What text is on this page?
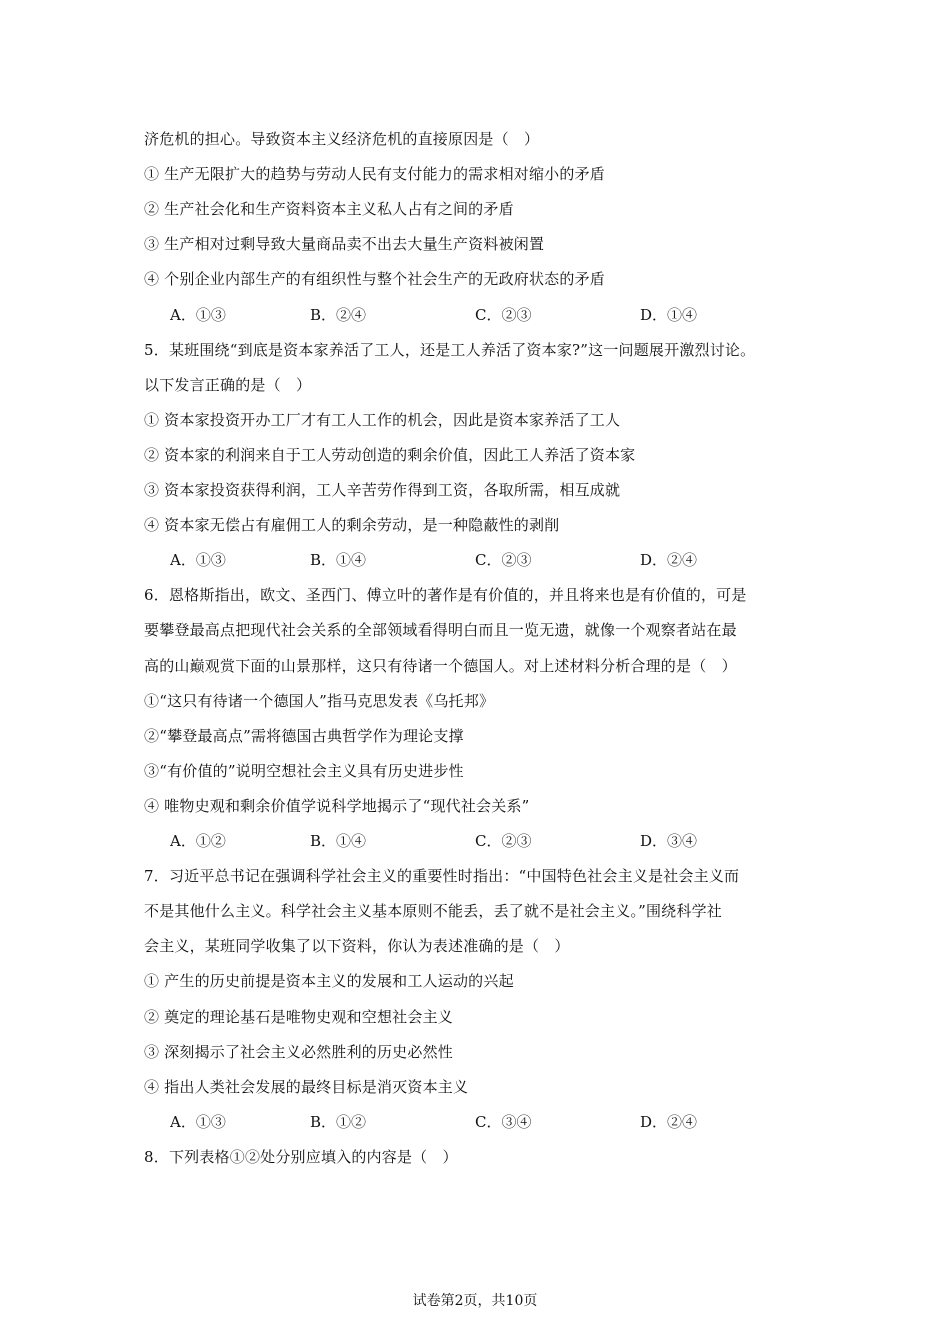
济危机的担心。导致资本主义经济危机的直接原因是（　）
① 生产无限扩大的趋势与劳动人民有支付能力的需求相对缩小的矛盾
② 生产社会化和生产资料资本主义私人占有之间的矛盾
③ 生产相对过剩导致大量商品卖不出去大量生产资料被闲置
④ 个别企业内部生产的有组织性与整个社会生产的无政府状态的矛盾
A．①③	B．②④	C．②③	D．①④
5．某班围绕“到底是资本家养活了工人，还是工人养活了资本家?”这一问题展开激烈讨论。
以下发言正确的是（　）
① 资本家投资开办工厂才有工人工作的机会，因此是资本家养活了工人
② 资本家的利润来自于工人劳动创造的剩余价值，因此工人养活了资本家
③ 资本家投资获得利润，工人辛苦劳作得到工资，各取所需，相互成就
④ 资本家无偿占有雇佣工人的剩余劳动，是一种隐蔽性的剥削
A．①③	B．①④	C．②③	D．②④
6．恩格斯指出，欧文、圣西门、傅立叶的著作是有价值的，并且将来也是有价值的，可是
要攀登最高点把现代社会关系的全部领域看得明白而且一览无遗，就像一个观察者站在最
高的山巅观赏下面的山景那样，这只有待诸一个德国人。对上述材料分析合理的是（　）
①“这只有待诸一个德国人”指马克思发表《乌托邦》
②“攀登最高点”需将德国古典哲学作为理论支撑
③“有价值的”说明空想社会主义具有历史进步性
④ 唯物史观和剩余价值学说科学地揭示了“现代社会关系”
A．①②	B．①④	C．②③	D．③④
7．习近平总书记在强调科学社会主义的重要性时指出：“中国特色社会主义是社会主义而
不是其他什么主义。科学社会主义基本原则不能丢，丢了就不是社会主义。”围绕科学社
会主义，某班同学收集了以下资料，你认为表述准确的是（　）
① 产生的历史前提是资本主义的发展和工人运动的兴起
② 奠定的理论基石是唯物史观和空想社会主义
③ 深刻揭示了社会主义必然胜利的历史必然性
④ 指出人类社会发展的最终目标是消灭资本主义
A．①③	B．①②	C．③④	D．②④
8．下列表格①②处分别应填入的内容是（　）
试卷第2页，共10页
